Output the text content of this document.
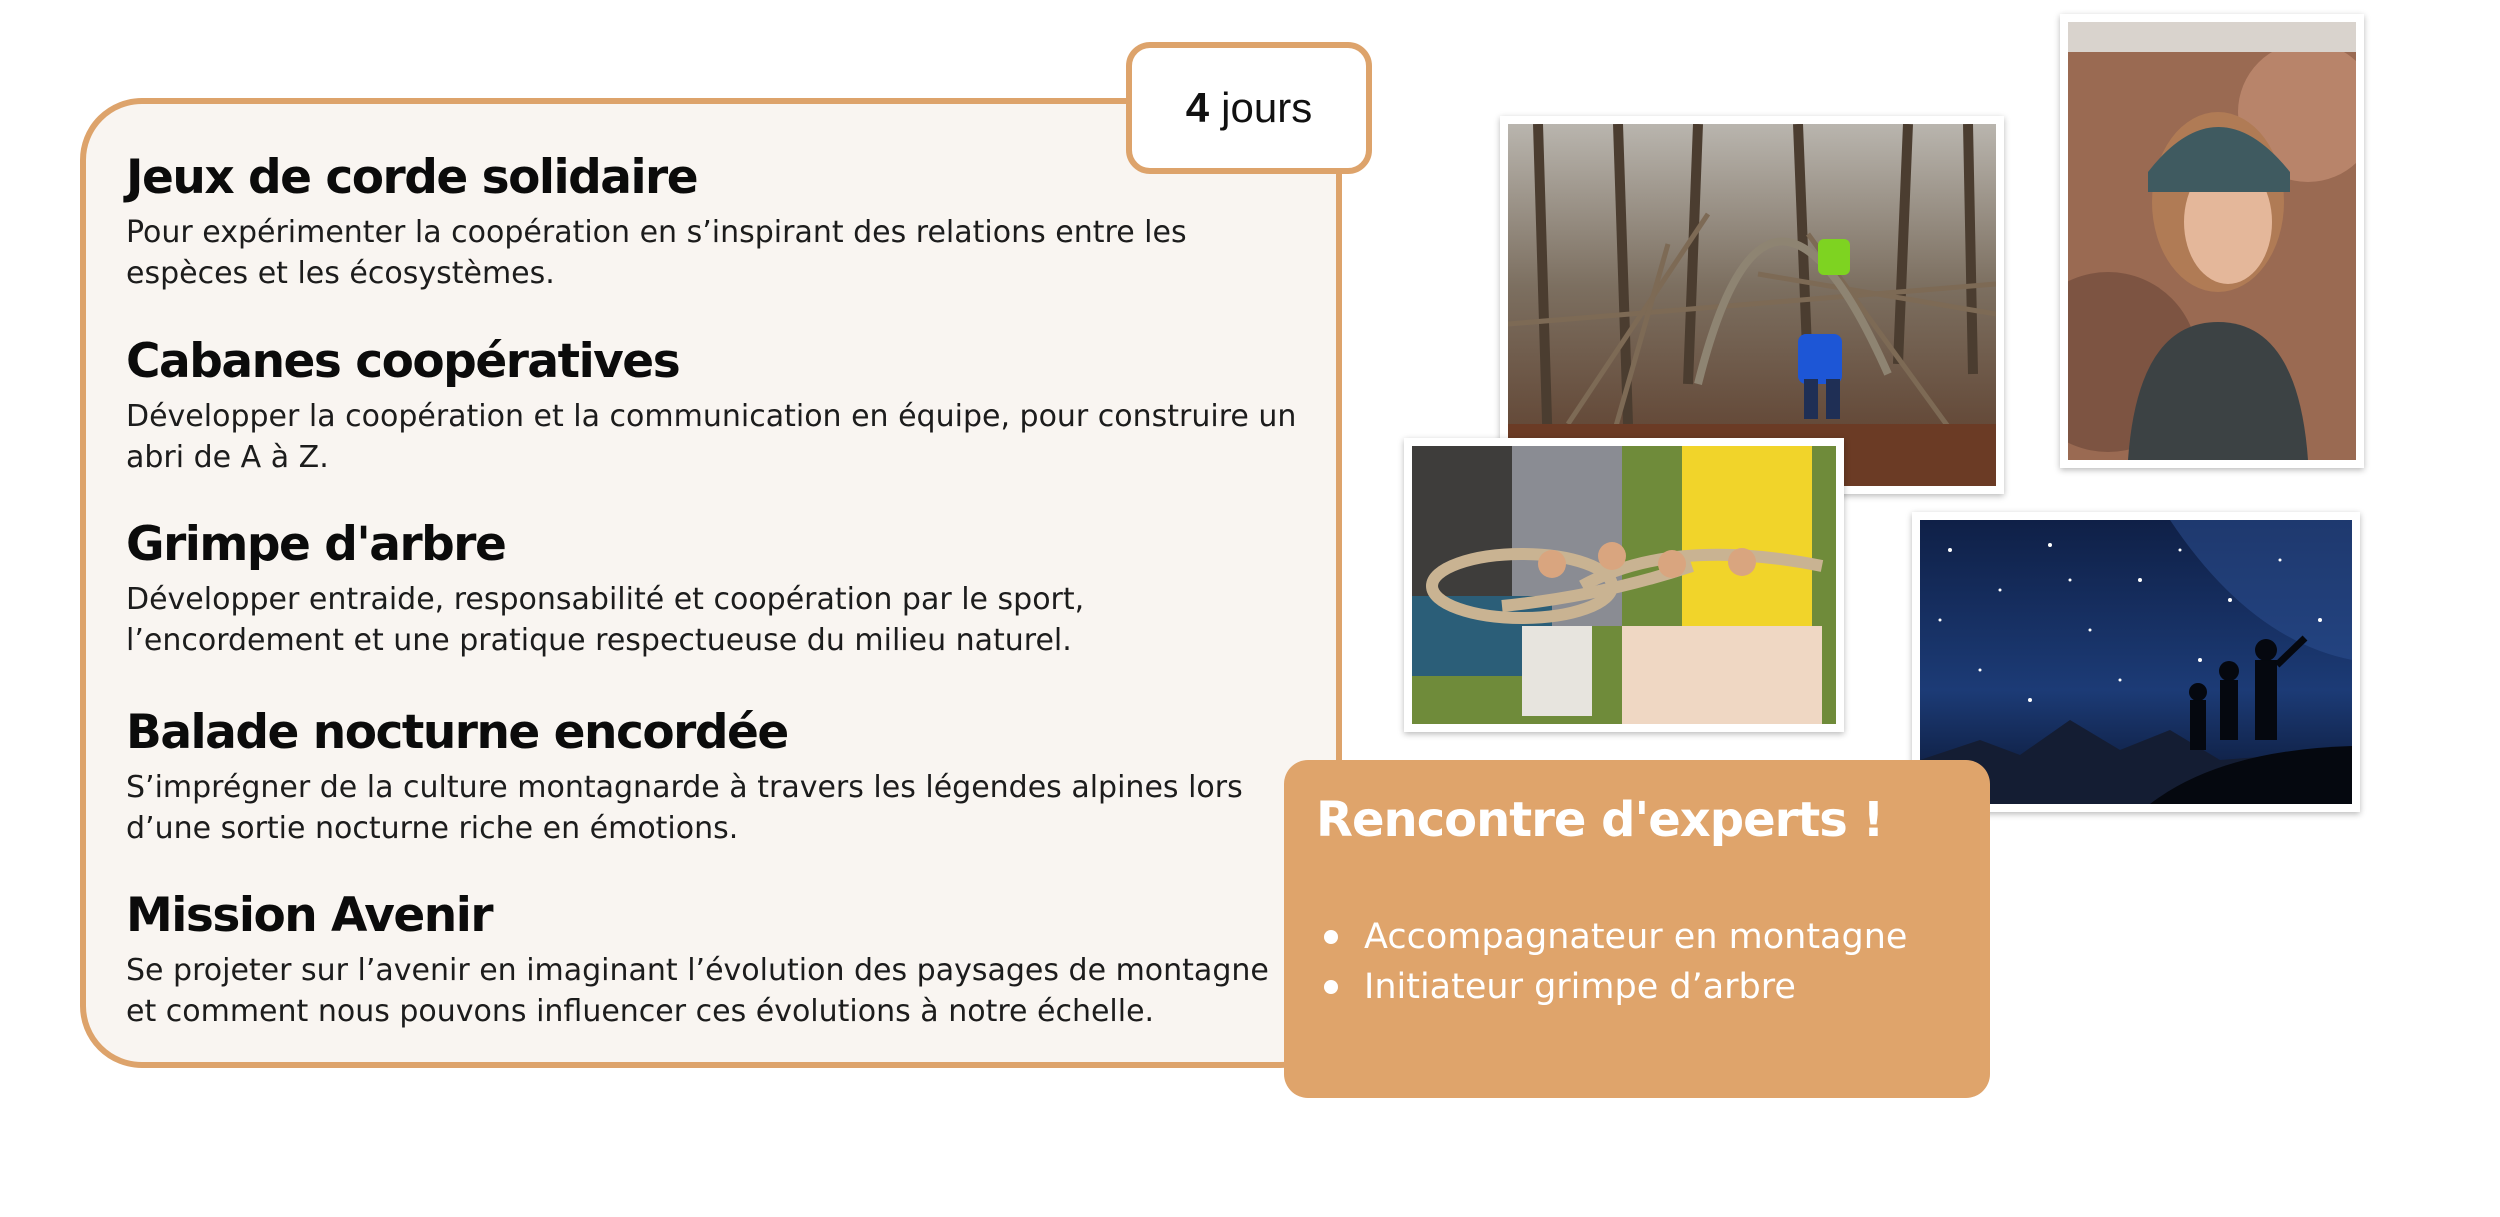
4 jours
Jeux de corde solidaire

Pour expérimenter la coopération en s’inspirant des relations entre les espèces et les écosystèmes.

Cabanes coopératives

Développer la coopération et la communication en équipe, pour construire un abri de A à Z.

Grimpe d'arbre

Développer entraide, responsabilité et coopération par le sport, l’encordement et une pratique respectueuse du milieu naturel.

Balade nocturne encordée

S’imprégner de la culture montagnarde à travers les légendes alpines lors d’une sortie nocturne riche en émotions.

Mission Avenir

Se projeter sur l’avenir en imaginant l’évolution des paysages de montagne et comment nous pouvons influencer ces évolutions à notre échelle.

Rencontre d'experts !
Accompagnateur en montagne
Initiateur grimpe d’arbre
